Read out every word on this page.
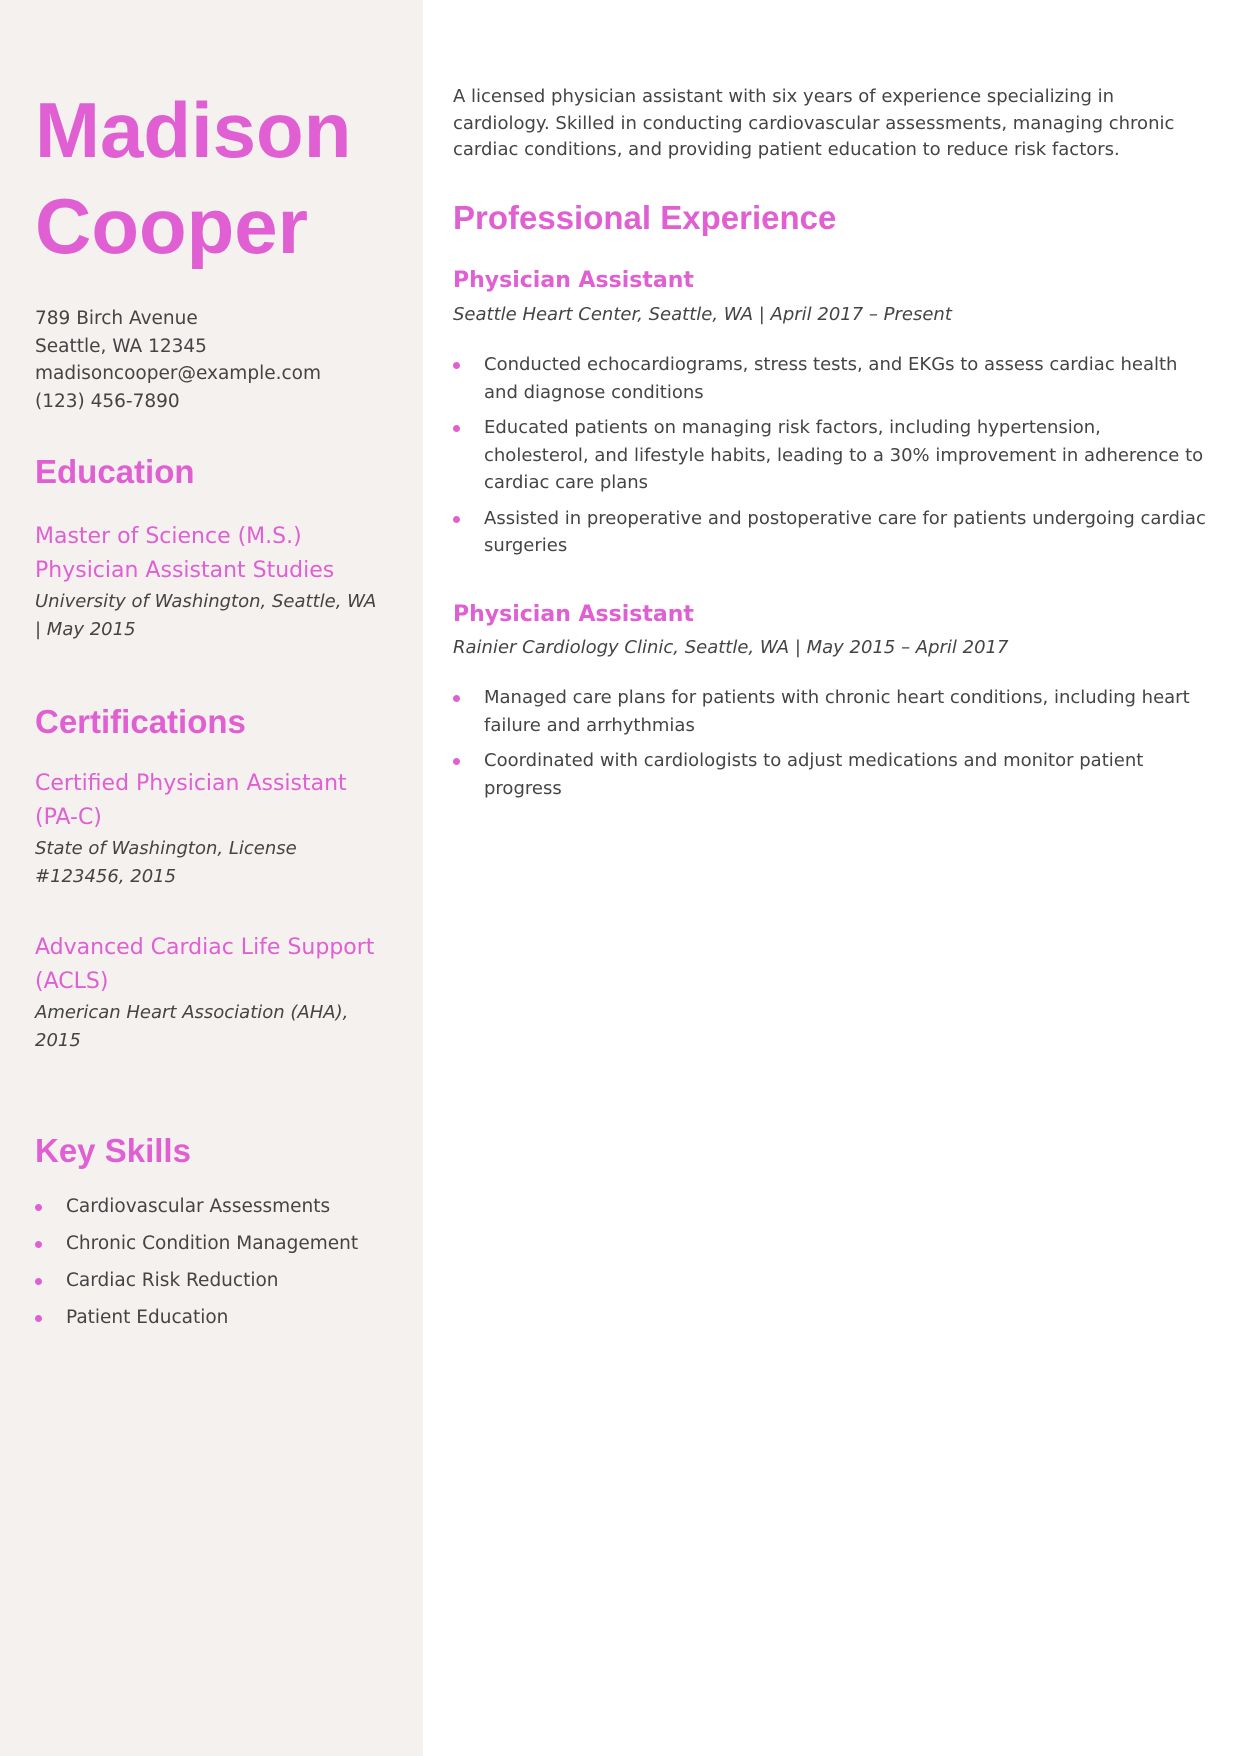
Madison
Cooper
789 Birch Avenue
Seattle, WA 12345
madisoncooper@example.com
(123) 456-7890
Education
Master of Science (M.S.)
Physician Assistant Studies
University of Washington, Seattle, WA | May 2015
Certifications
Certified Physician Assistant (PA-C)
State of Washington, License #123456, 2015
Advanced Cardiac Life Support (ACLS)
American Heart Association (AHA), 2015
Key Skills
Cardiovascular Assessments
Chronic Condition Management
Cardiac Risk Reduction
Patient Education

A licensed physician assistant with six years of experience specializing in cardiology. Skilled in conducting cardiovascular assessments, managing chronic cardiac conditions, and providing patient education to reduce risk factors.

Professional Experience
Physician Assistant
Seattle Heart Center, Seattle, WA | April 2017 – Present
Conducted echocardiograms, stress tests, and EKGs to assess cardiac health and diagnose conditions
Educated patients on managing risk factors, including hypertension, cholesterol, and lifestyle habits, leading to a 30% improvement in adherence to cardiac care plans
Assisted in preoperative and postoperative care for patients undergoing cardiac surgeries
Physician Assistant
Rainier Cardiology Clinic, Seattle, WA | May 2015 – April 2017
Managed care plans for patients with chronic heart conditions, including heart failure and arrhythmias
Coordinated with cardiologists to adjust medications and monitor patient progress
